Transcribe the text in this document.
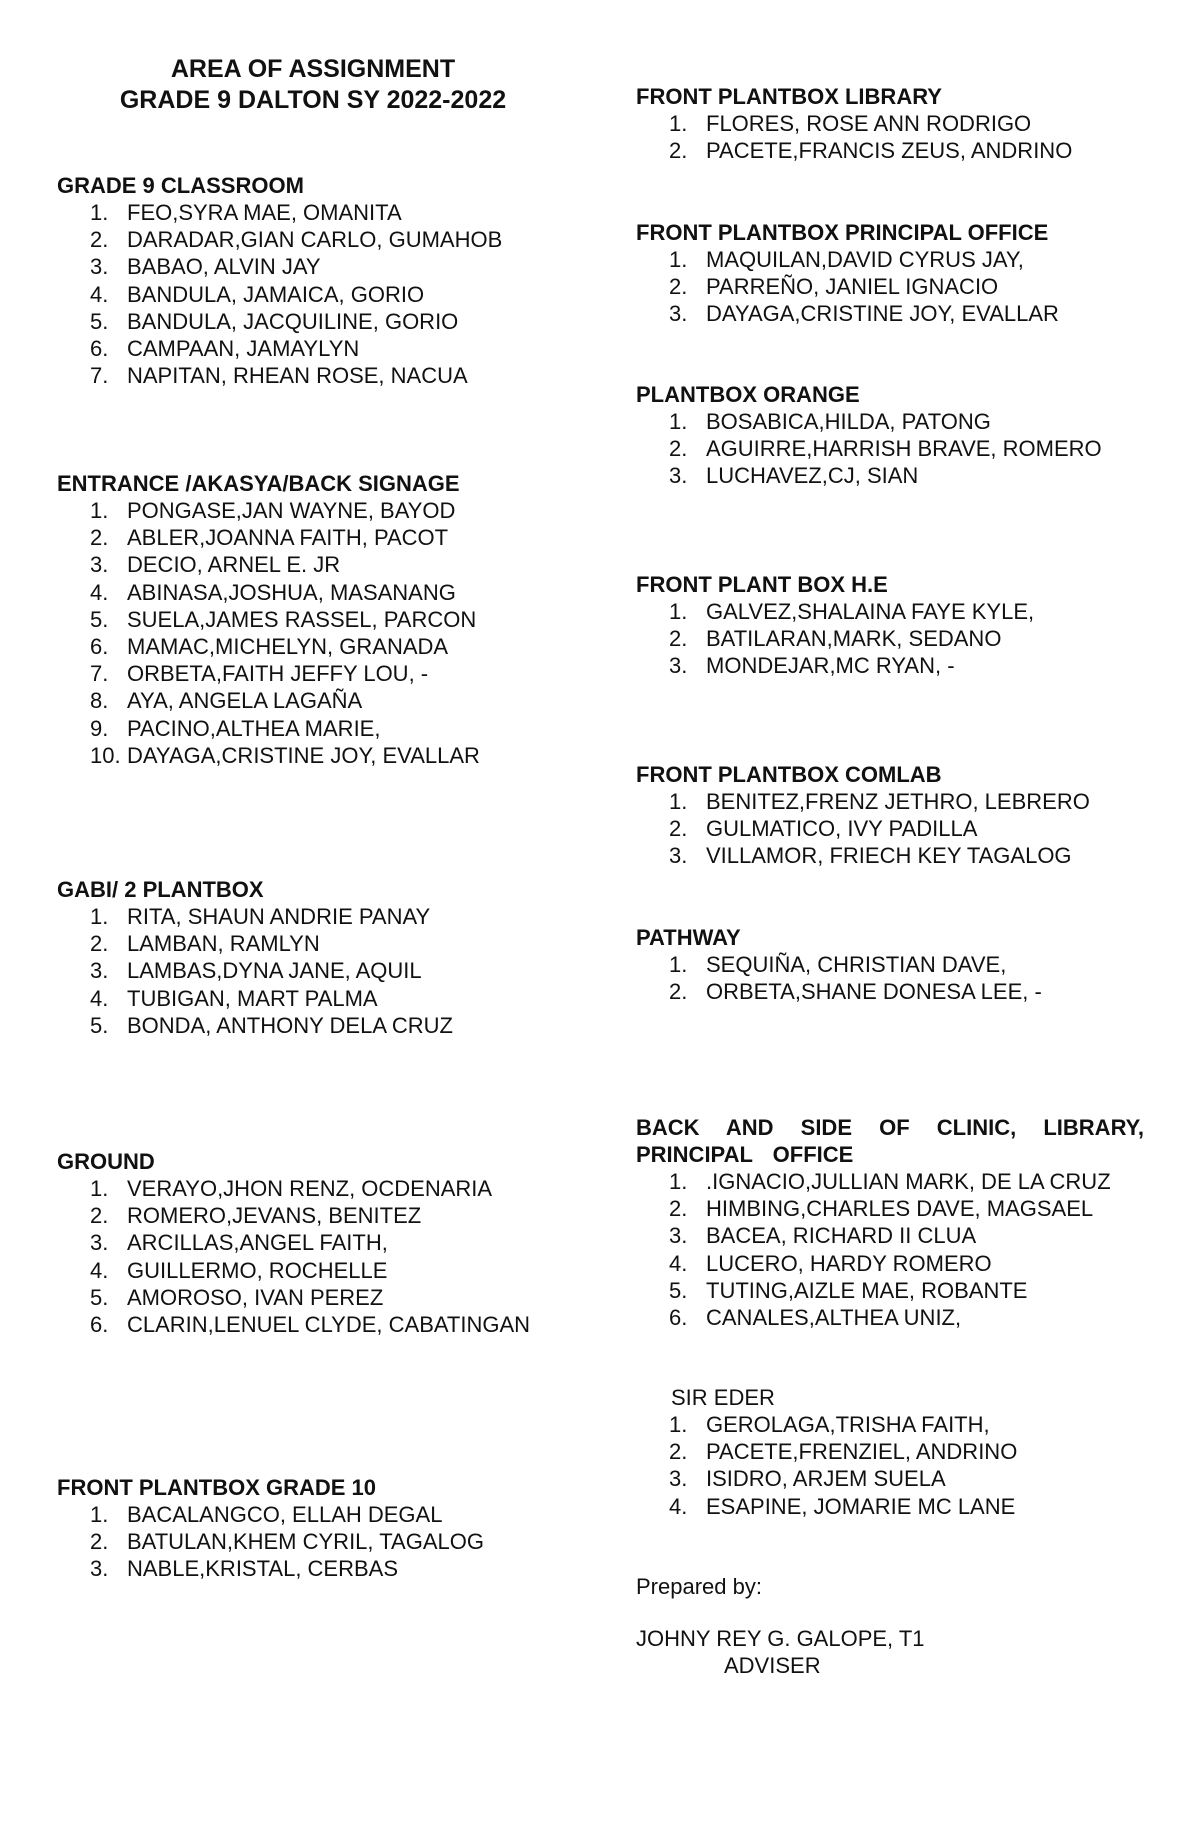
AREA OF ASSIGNMENT
GRADE 9 DALTON SY 2022-2022
GRADE 9 CLASSROOM
1. FEO,SYRA MAE, OMANITA
2. DARADAR,GIAN CARLO, GUMAHOB
3. BABAO, ALVIN JAY
4. BANDULA, JAMAICA, GORIO
5. BANDULA, JACQUILINE, GORIO
6. CAMPAAN, JAMAYLYN
7. NAPITAN, RHEAN ROSE, NACUA
ENTRANCE /AKASYA/BACK SIGNAGE
1. PONGASE,JAN WAYNE, BAYOD
2. ABLER,JOANNA FAITH, PACOT
3. DECIO, ARNEL E. JR
4. ABINASA,JOSHUA, MASANANG
5. SUELA,JAMES RASSEL, PARCON
6. MAMAC,MICHELYN, GRANADA
7. ORBETA,FAITH JEFFY LOU, -
8. AYA, ANGELA LAGAÑA
9. PACINO,ALTHEA MARIE,
10. DAYAGA,CRISTINE JOY, EVALLAR
GABI/ 2 PLANTBOX
1. RITA, SHAUN ANDRIE PANAY
2. LAMBAN, RAMLYN
3. LAMBAS,DYNA JANE, AQUIL
4. TUBIGAN, MART PALMA
5. BONDA, ANTHONY DELA CRUZ
GROUND
1. VERAYO,JHON RENZ, OCDENARIA
2. ROMERO,JEVANS, BENITEZ
3. ARCILLAS,ANGEL FAITH,
4. GUILLERMO, ROCHELLE
5. AMOROSO, IVAN PEREZ
6. CLARIN,LENUEL CLYDE, CABATINGAN
FRONT PLANTBOX GRADE 10
1. BACALANGCO, ELLAH DEGAL
2. BATULAN,KHEM CYRIL, TAGALOG
3. NABLE,KRISTAL, CERBAS
FRONT PLANTBOX LIBRARY
1. FLORES, ROSE ANN RODRIGO
2. PACETE,FRANCIS ZEUS, ANDRINO
FRONT PLANTBOX PRINCIPAL OFFICE
1. MAQUILAN,DAVID CYRUS JAY,
2. PARREÑO, JANIEL IGNACIO
3. DAYAGA,CRISTINE JOY, EVALLAR
PLANTBOX ORANGE
1. BOSABICA,HILDA, PATONG
2. AGUIRRE,HARRISH BRAVE, ROMERO
3. LUCHAVEZ,CJ, SIAN
FRONT PLANT BOX H.E
1. GALVEZ,SHALAINA FAYE KYLE,
2. BATILARAN,MARK, SEDANO
3. MONDEJAR,MC RYAN, -
FRONT PLANTBOX COMLAB
1. BENITEZ,FRENZ JETHRO, LEBRERO
2. GULMATICO, IVY PADILLA
3. VILLAMOR, FRIECH KEY TAGALOG
PATHWAY
1. SEQUIÑA, CHRISTIAN DAVE,
2. ORBETA,SHANE DONESA LEE, -
BACK AND SIDE OF CLINIC, LIBRARY, PRINCIPAL OFFICE
1. .IGNACIO,JULLIAN MARK, DE LA CRUZ
2. HIMBING,CHARLES DAVE, MAGSAEL
3. BACEA, RICHARD II CLUA
4. LUCERO, HARDY ROMERO
5. TUTING,AIZLE MAE, ROBANTE
6. CANALES,ALTHEA UNIZ,
SIR EDER
1. GEROLAGA,TRISHA FAITH,
2. PACETE,FRENZIEL, ANDRINO
3. ISIDRO, ARJEM SUELA
4. ESAPINE, JOMARIE MC LANE
Prepared by:
JOHNY REY G. GALOPE, T1
ADVISER
